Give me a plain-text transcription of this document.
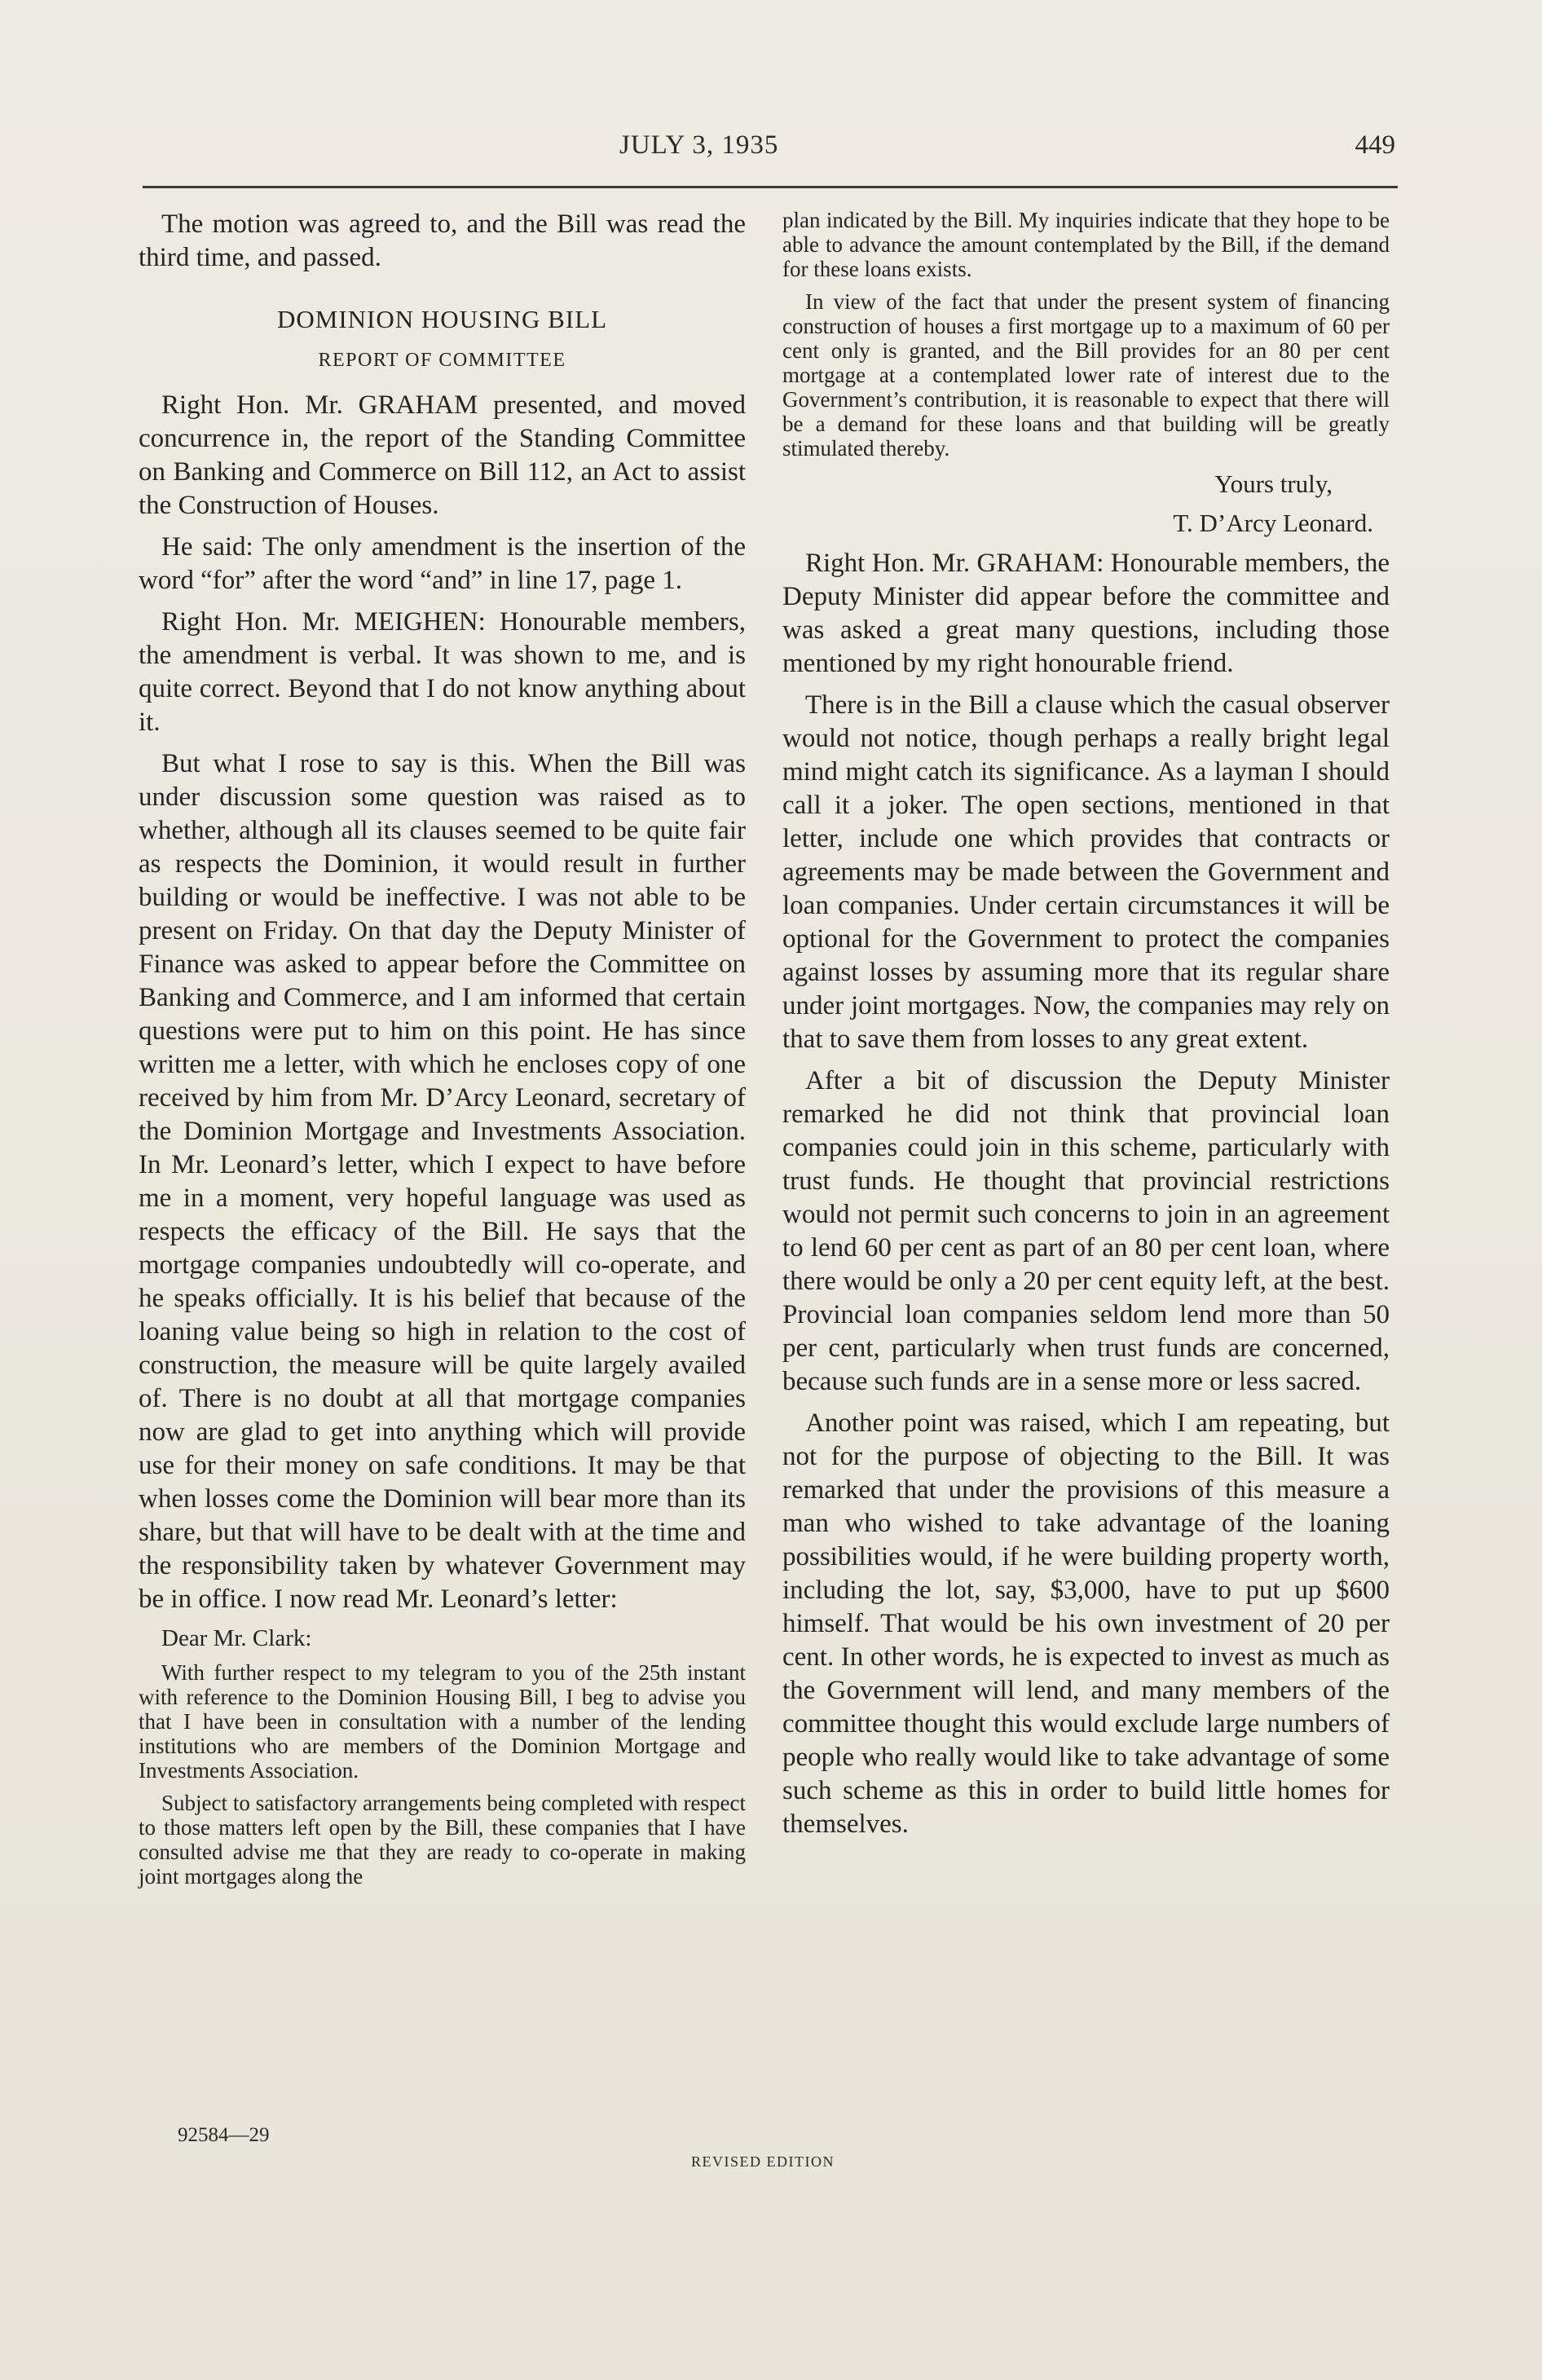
JULY 3, 1935	449

The motion was agreed to, and the Bill was read the third time, and passed.

DOMINION HOUSING BILL
REPORT OF COMMITTEE

Right Hon. Mr. GRAHAM presented, and moved concurrence in, the report of the Standing Committee on Banking and Commerce on Bill 112, an Act to assist the Construction of Houses.

He said: The only amendment is the insertion of the word “for” after the word “and” in line 17, page 1.

Right Hon. Mr. MEIGHEN: Honourable members, the amendment is verbal. It was shown to me, and is quite correct. Beyond that I do not know anything about it.

But what I rose to say is this. When the Bill was under discussion some question was raised as to whether, although all its clauses seemed to be quite fair as respects the Dominion, it would result in further building or would be ineffective. I was not able to be present on Friday. On that day the Deputy Minister of Finance was asked to appear before the Committee on Banking and Commerce, and I am informed that certain questions were put to him on this point. He has since written me a letter, with which he encloses copy of one received by him from Mr. D’Arcy Leonard, secretary of the Dominion Mortgage and Investments Association. In Mr. Leonard’s letter, which I expect to have before me in a moment, very hopeful language was used as respects the efficacy of the Bill. He says that the mortgage companies undoubtedly will co-operate, and he speaks officially. It is his belief that because of the loaning value being so high in relation to the cost of construction, the measure will be quite largely availed of. There is no doubt at all that mortgage companies now are glad to get into anything which will provide use for their money on safe conditions. It may be that when losses come the Dominion will bear more than its share, but that will have to be dealt with at the time and the responsibility taken by whatever Government may be in office. I now read Mr. Leonard’s letter:

Dear Mr. Clark:

With further respect to my telegram to you of the 25th instant with reference to the Dominion Housing Bill, I beg to advise you that I have been in consultation with a number of the lending institutions who are members of the Dominion Mortgage and Investments Association.

Subject to satisfactory arrangements being completed with respect to those matters left open by the Bill, these companies that I have consulted advise me that they are ready to co-operate in making joint mortgages along the

plan indicated by the Bill. My inquiries indicate that they hope to be able to advance the amount contemplated by the Bill, if the demand for these loans exists.

In view of the fact that under the present system of financing construction of houses a first mortgage up to a maximum of 60 per cent only is granted, and the Bill provides for an 80 per cent mortgage at a contemplated lower rate of interest due to the Government’s contribution, it is reasonable to expect that there will be a demand for these loans and that building will be greatly stimulated thereby.

Yours truly,

T. D’Arcy Leonard.

Right Hon. Mr. GRAHAM: Honourable members, the Deputy Minister did appear before the committee and was asked a great many questions, including those mentioned by my right honourable friend.

There is in the Bill a clause which the casual observer would not notice, though perhaps a really bright legal mind might catch its significance. As a layman I should call it a joker. The open sections, mentioned in that letter, include one which provides that contracts or agreements may be made between the Government and loan companies. Under certain circumstances it will be optional for the Government to protect the companies against losses by assuming more that its regular share under joint mortgages. Now, the companies may rely on that to save them from losses to any great extent.

After a bit of discussion the Deputy Minister remarked he did not think that provincial loan companies could join in this scheme, particularly with trust funds. He thought that provincial restrictions would not permit such concerns to join in an agreement to lend 60 per cent as part of an 80 per cent loan, where there would be only a 20 per cent equity left, at the best. Provincial loan companies seldom lend more than 50 per cent, particularly when trust funds are concerned, because such funds are in a sense more or less sacred.

Another point was raised, which I am repeating, but not for the purpose of objecting to the Bill. It was remarked that under the provisions of this measure a man who wished to take advantage of the loaning possibilities would, if he were building property worth, including the lot, say, $3,000, have to put up $600 himself. That would be his own investment of 20 per cent. In other words, he is expected to invest as much as the Government will lend, and many members of the committee thought this would exclude large numbers of people who really would like to take advantage of some such scheme as this in order to build little homes for themselves.

92584—29
REVISED EDITION
